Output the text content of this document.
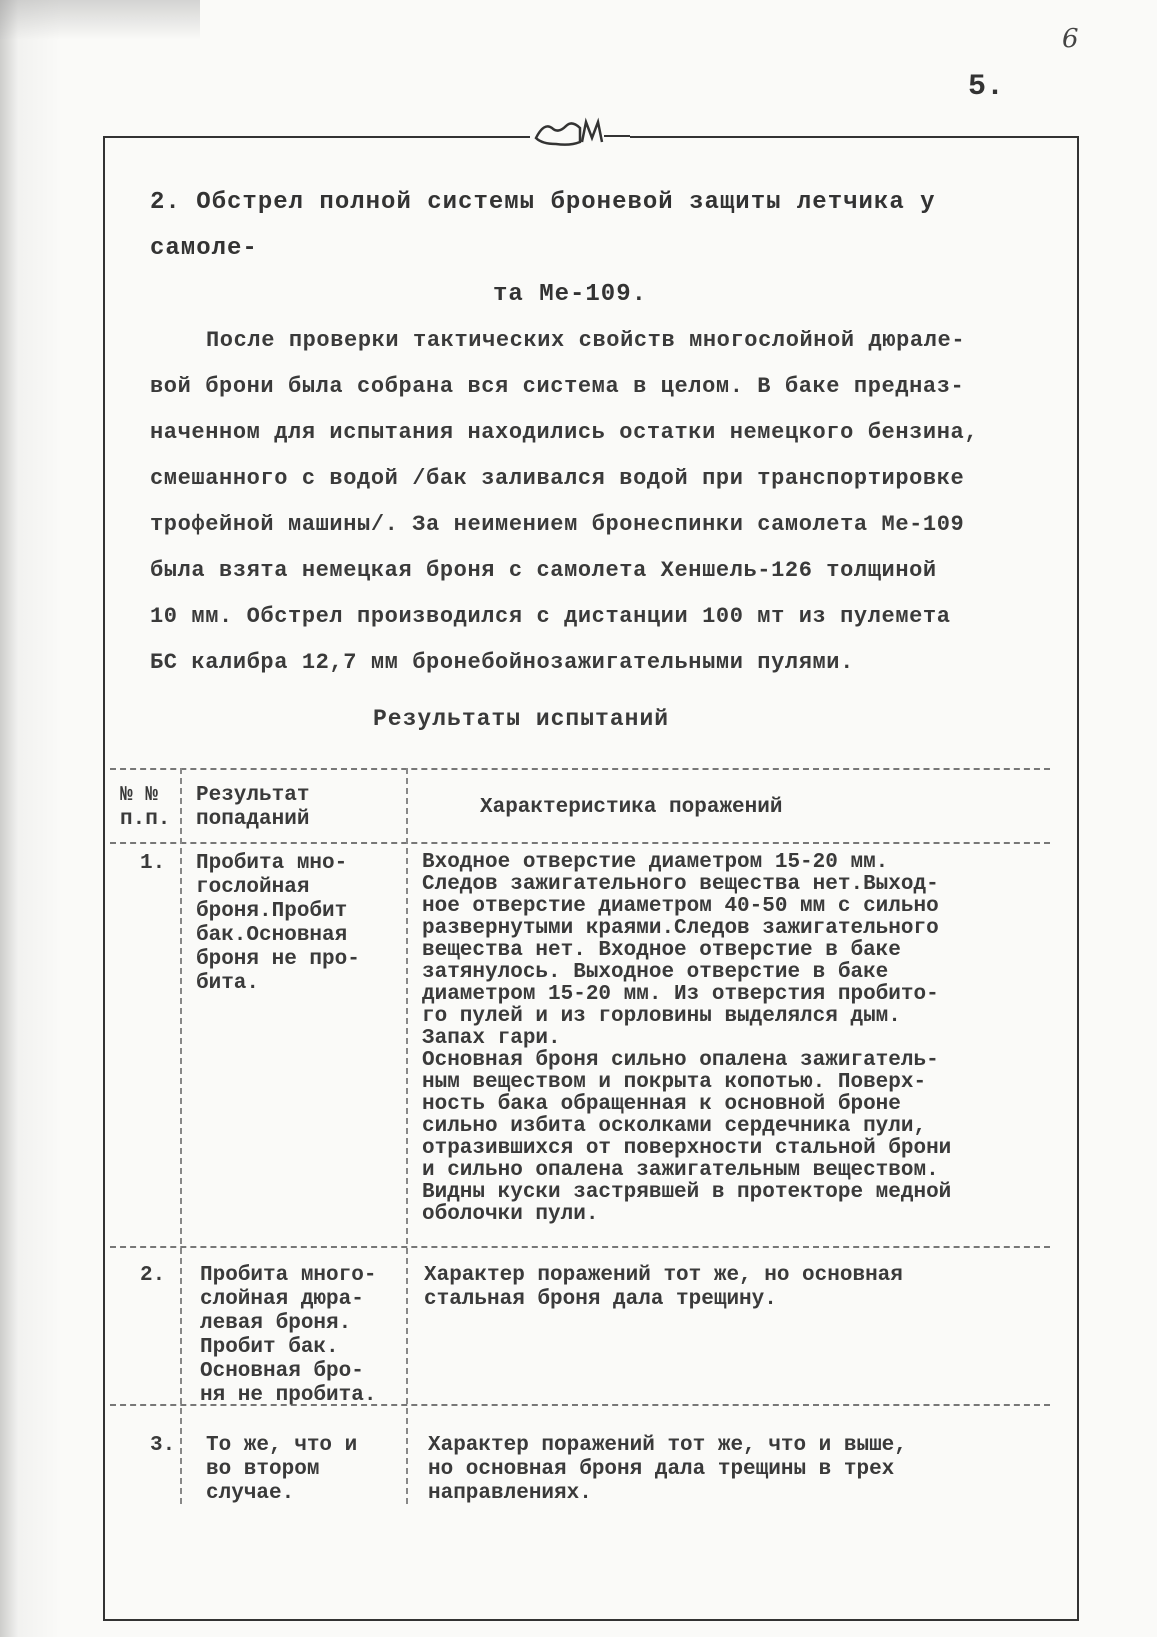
6
5.
2. Обстрел полной системы броневой защиты летчика у самоле-
та Ме-109.
После проверки тактических свойств многослойной дюрале-
вой брони была собрана вся система в целом. В баке предназ-
наченном для испытания находились остатки немецкого бензина,
смешанного с водой /бак заливался водой при транспортировке
трофейной машины/. За неимением бронеспинки самолета Ме-109
была взята немецкая броня с самолета Хеншель-126 толщиной
10 мм. Обстрел производился с дистанции 100 мт из пулемета
БС калибра 12,7 мм бронебойнозажигательными пулями.
Результаты испытаний
№ №
п.п.
Результат
попаданий
Характеристика поражений
1. Пробита мно-
гослойная
броня.Пробит
бак.Основная
броня не про-
бита.
Входное отверстие диаметром 15-20 мм.
Следов зажигательного вещества нет.Выход-
ное отверстие диаметром 40-50 мм с сильно
развернутыми краями.Следов зажигательного
вещества нет. Входное отверстие в баке
затянулось. Выходное отверстие в баке
диаметром 15-20 мм. Из отверстия пробито-
го пулей и из горловины выделялся дым.
Запах гари.
Основная броня сильно опалена зажигатель-
ным веществом и покрыта копотью. Поверх-
ность бака обращенная к основной броне
сильно избита осколками сердечника пули,
отразившихся от поверхности стальной брони
и сильно опалена зажигательным веществом.
Видны куски застрявшей в протекторе медной
оболочки пули.
2. Пробита много-
слойная дюра-
левая броня.
Пробит бак.
Основная бро-
ня не пробита.
Характер поражений тот же, но основная
стальная броня дала трещину.
3. То же, что и
во втором
случае.
Характер поражений тот же, что и выше,
но основная броня дала трещины в трех
направлениях.
